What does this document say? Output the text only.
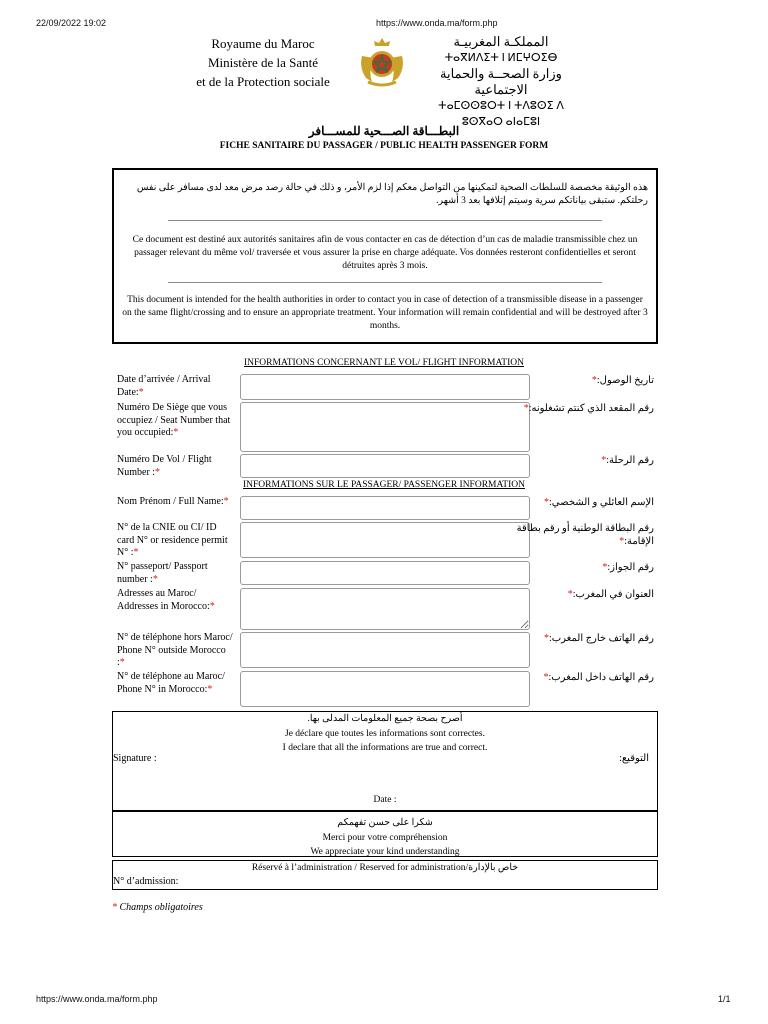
22/09/2022 19:02	https://www.onda.ma/form.php
Royaume du Maroc
Ministère de la Santé
et de la Protection sociale
المملكـة المغربيـة
ⵜⴰⴳⵍⴷⵉⵜ ⵏ ⵍⵎⵖⵔⵉⴱ
وزارة الصحــة والحماية الاجتماعية
ⵜⴰⵎⵙⵙⵓⵔⵜ ⵏ ⵜⴷⵓⵙⵉ ⴷ ⵓⵙⴳⴰⵔ ⴰⵏⴰⵎⵓⵏ
البطـــاقة الصـــحية للمســـافر
FICHE SANITAIRE DU PASSAGER / PUBLIC HEALTH PASSENGER FORM
هذه الوثيقة مخصصة للسلطات الصحية لتمكينها من التواصل معكم إذا لزم الأمر، و ذلك في حالة رصد مرض معد لدى مسافر على نفس رحلتكم. ستبقى بياناتكم سرية وسيتم إتلافها بعد 3 أشهر.
Ce document est destiné aux autorités sanitaires afin de vous contacter en cas de détection d’un cas de maladie transmissible chez un passager relevant du même vol/ traversée et vous assurer la prise en charge adéquate. Vos données resteront confidentielles et seront détruites après 3 mois.
This document is intended for the health authorities in order to contact you in case of detection of a transmissible disease in a passenger on the same flight/crossing and to ensure an appropriate treatment. Your information will remain confidential and will be destroyed after 3 months.
INFORMATIONS CONCERNANT LE VOL/ FLIGHT INFORMATION
Date d’arrivée / Arrival Date:*
تاريخ الوصول:*
Numéro De Siège que vous occupiez / Seat Number that you occupied:*
رقم المقعد الذي كنتم تشغلونه:*
Numéro De Vol / Flight Number :*
رقم الرحلة:*
INFORMATIONS SUR LE PASSAGER/ PASSENGER INFORMATION
Nom Prénom / Full Name:*	الإسم العائلي و الشخصي:*
N° de la CNIE ou CI/ ID card N° or residence permit N° :*
رقم البطاقة الوطنية أو رقم بطاقة الإقامة:*
N° passeport/ Passport number :*
رقم الجواز:*
Adresses au Maroc/ Addresses in Morocco:*
العنوان في المغرب:*
N° de téléphone hors Maroc/ Phone N° outside Morocco :*
رقم الهاتف خارج المغرب:*
N° de téléphone au Maroc/ Phone N° in Morocco:*
رقم الهاتف داخل المغرب:*
أصرح بصحة جميع المعلومات المدلى بها.
Je déclare que toutes les informations sont correctes.
I declare that all the informations are true and correct.
Signature :	التوقيع:
Date :
شكرا على حسن تفهمكم
Merci pour votre compréhension
We appreciate your kind understanding
Réservé à l’administration / Reserved for administration/خاص بالإدارة
N° d’admission:
* Champs obligatoires
https://www.onda.ma/form.php	1/1
